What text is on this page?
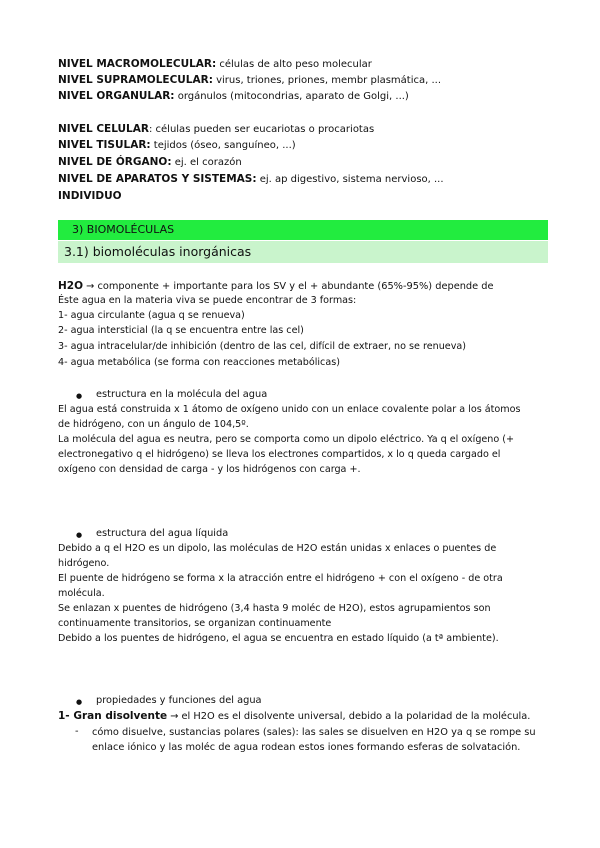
NIVEL MACROMOLECULAR: células de alto peso molecular
NIVEL SUPRAMOLECULAR: virus, triones, priones, membr plasmática, ...
NIVEL ORGANULAR: orgánulos (mitocondrias, aparato de Golgi, ...)
NIVEL CELULAR: células pueden ser eucariotas o procariotas
NIVEL TISULAR: tejidos (óseo, sanguíneo, ...)
NIVEL DE ÓRGANO: ej. el corazón
NIVEL DE APARATOS Y SISTEMAS: ej. ap digestivo, sistema nervioso, ...
INDIVIDUO
3) BIOMOLÉCULAS
3.1) biomoléculas inorgánicas
H2O → componente + importante para los SV y el + abundante (65%-95%) depende de
Éste agua en la materia viva se puede encontrar de 3 formas:
1- agua circulante (agua q se renueva)
2- agua intersticial (la q se encuentra entre las cel)
3- agua intracelular/de inhibición (dentro de las cel, difícil de extraer, no se renueva)
4- agua metabólica (se forma con reacciones metabólicas)
● estructura en la molécula del agua
El agua está construida x 1 átomo de oxígeno unido con un enlace covalente polar a los átomos
de hidrógeno, con un ángulo de 104,5º.
La molécula del agua es neutra, pero se comporta como un dipolo eléctrico. Ya q el oxígeno (+
electronegativo q el hidrógeno) se lleva los electrones compartidos, x lo q queda cargado el
oxígeno con densidad de carga - y los hidrógenos con carga +.
● estructura del agua líquida
Debido a q el H2O es un dipolo, las moléculas de H2O están unidas x enlaces o puentes de
hidrógeno.
El puente de hidrógeno se forma x la atracción entre el hidrógeno + con el oxígeno - de otra
molécula.
Se enlazan x puentes de hidrógeno (3,4 hasta 9 moléc de H2O), estos agrupamientos son
continuamente transitorios, se organizan continuamente
Debido a los puentes de hidrógeno, el agua se encuentra en estado líquido (a tª ambiente).
● propiedades y funciones del agua
1- Gran disolvente → el H2O es el disolvente universal, debido a la polaridad de la molécula.
- cómo disuelve, sustancias polares (sales): las sales se disuelven en H2O ya q se rompe su
enlace iónico y las moléc de agua rodean estos iones formando esferas de solvatación.
